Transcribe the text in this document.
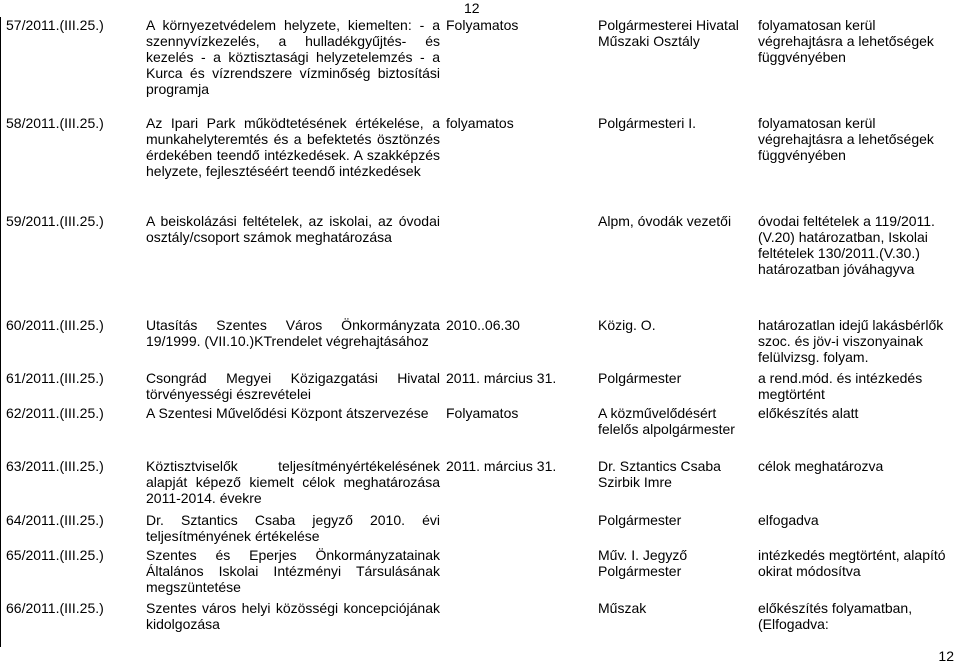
12
57/2011.(III.25.)	A környezetvédelem helyzete, kiemelten: - a szennyvízkezelés, a hulladékgyűjtés- és kezelés - a köztisztasági helyzetelemzés - a Kurca és vízrendszere vízminőség biztosítási programja	Folyamatos	Polgármesterei Hivatal Műszaki Osztály	folyamatosan kerül végrehajtásra a lehetőségek függvényében
58/2011.(III.25.)	Az Ipari Park működtetésének értékelése, a munkahelyteremtés és a befektetés ösztönzés érdekében teendő intézkedések. A szakképzés helyzete, fejlesztéséért teendő intézkedések	folyamatos	Polgármesteri I.	folyamatosan kerül végrehajtásra a lehetőségek függvényében
59/2011.(III.25.)	A beiskolázási feltételek, az iskolai, az óvodai osztály/csoport számok meghatározása		Alpm, óvodák vezetői	óvodai feltételek a 119/2011.(V.20) határozatban, Iskolai feltételek 130/2011.(V.30.) határozatban jóváhagyva
60/2011.(III.25.)	Utasítás Szentes Város Önkormányzata 19/1999. (VII.10.)KTrendelet végrehajtásához	2010..06.30	Közig. O.	határozatlan idejű lakásbérlők szoc. és jöv-i viszonyainak felülvizsg. folyam.
61/2011.(III.25.)	Csongrád Megyei Közigazgatási Hivatal törvényességi észrevételei	2011. március 31.	Polgármester	a rend.mód. és intézkedés megtörtént
62/2011.(III.25.)	A Szentesi Művelődési Központ átszervezése	Folyamatos	A közművelődésért felelős alpolgármester	előkészítés alatt
63/2011.(III.25.)	Köztisztviselők teljesítményértékelésének alapját képező kiemelt célok meghatározása 2011-2014. évekre	2011. március 31.	Dr. Sztantics Csaba Szirbik Imre	célok meghatározva
64/2011.(III.25.)	Dr. Sztantics Csaba jegyző 2010. évi teljesítményének értékelése		Polgármester	elfogadva
65/2011.(III.25.)	Szentes és Eperjes Önkormányzatainak Általános Iskolai Intézményi Társulásának megszüntetése		Műv. I. Jegyző Polgármester	intézkedés megtörtént, alapító okirat módosítva
66/2011.(III.25.)	Szentes város helyi közösségi koncepciójának kidolgozása		Műszak	előkészítés folyamatban,(Elfogadva:
12
